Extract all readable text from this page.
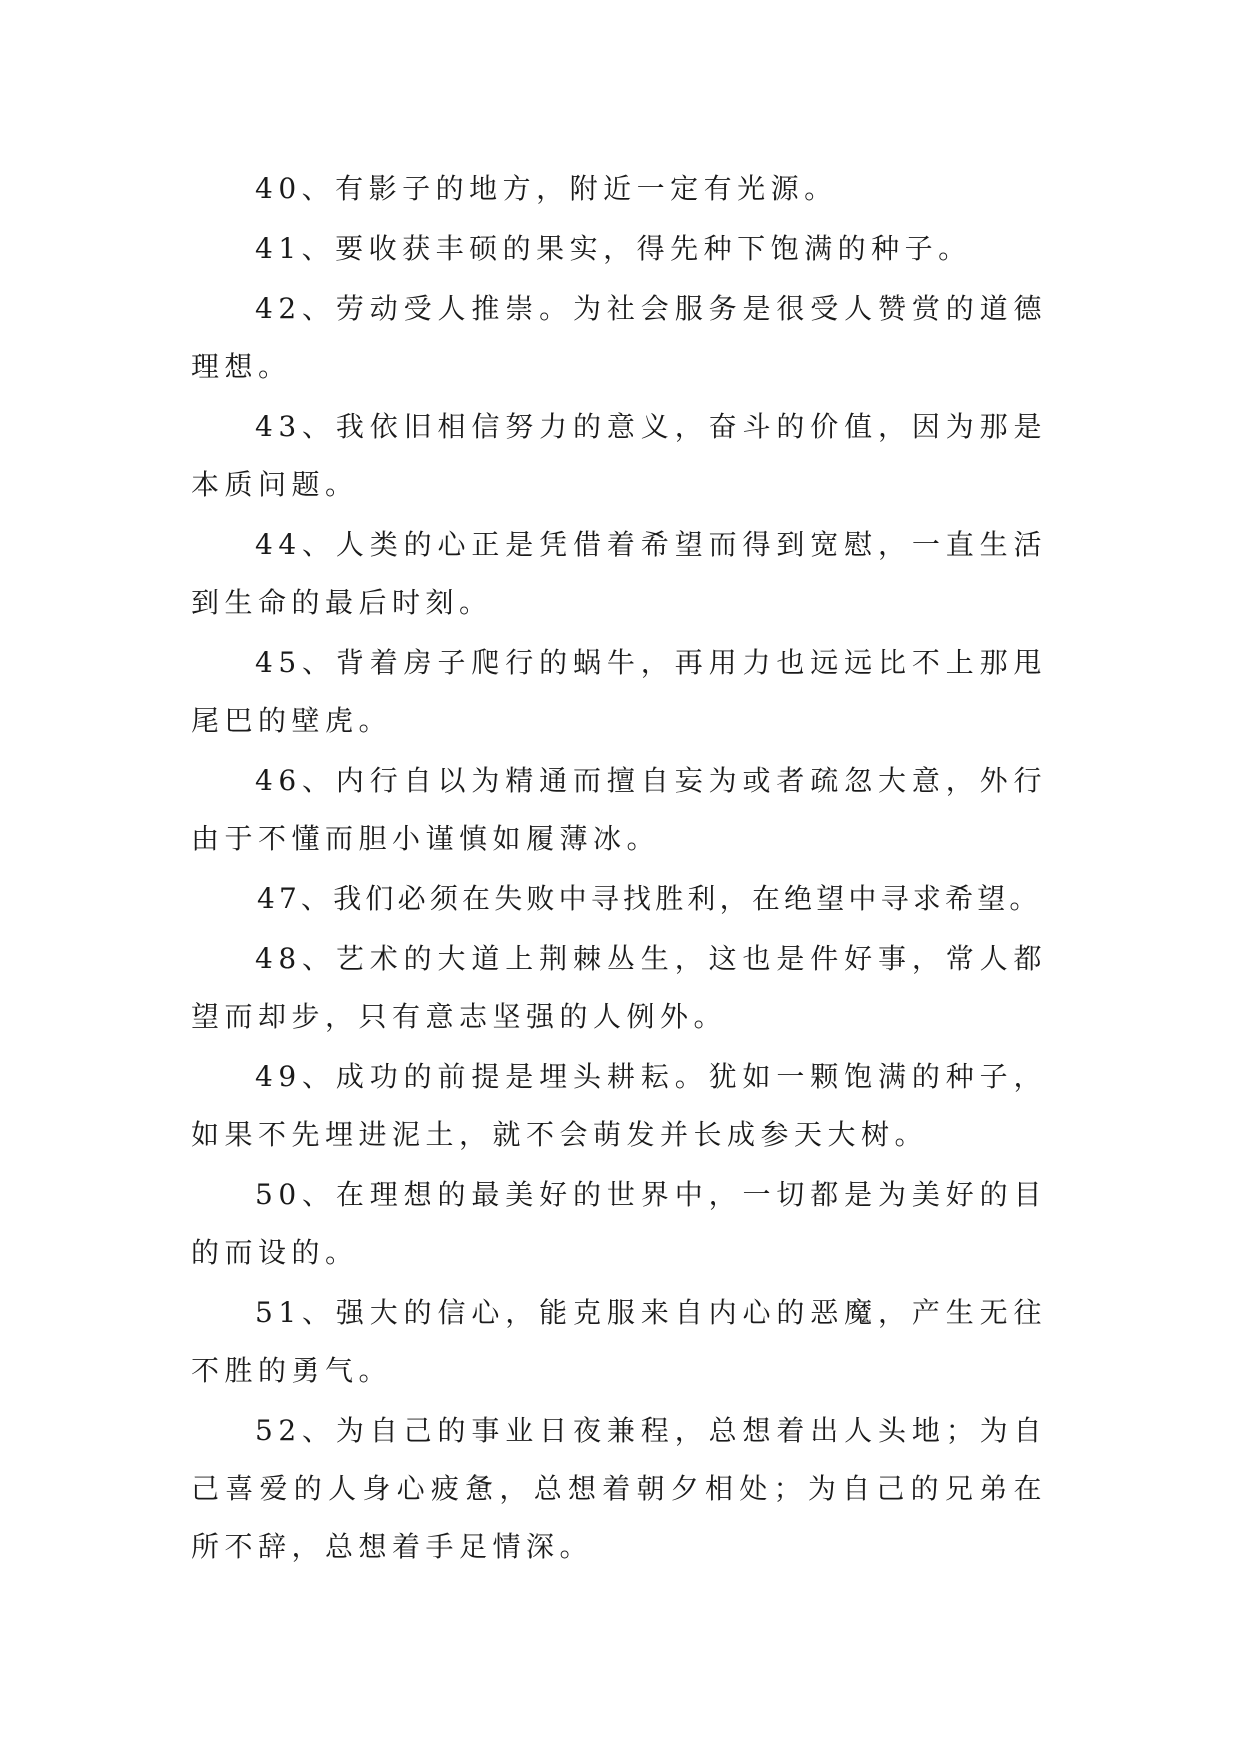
40、有影子的地方，附近一定有光源。

41、要收获丰硕的果实，得先种下饱满的种子。

42、劳动受人推崇。为社会服务是很受人赞赏的道德理想。

43、我依旧相信努力的意义，奋斗的价值，因为那是本质问题。

44、人类的心正是凭借着希望而得到宽慰，一直生活到生命的最后时刻。

45、背着房子爬行的蜗牛，再用力也远远比不上那甩尾巴的壁虎。

46、内行自以为精通而擅自妄为或者疏忽大意，外行由于不懂而胆小谨慎如履薄冰。

47、我们必须在失败中寻找胜利，在绝望中寻求希望。

48、艺术的大道上荆棘丛生，这也是件好事，常人都望而却步，只有意志坚强的人例外。

49、成功的前提是埋头耕耘。犹如一颗饱满的种子，如果不先埋进泥土，就不会萌发并长成参天大树。

50、在理想的最美好的世界中，一切都是为美好的目的而设的。

51、强大的信心，能克服来自内心的恶魔，产生无往不胜的勇气。

52、为自己的事业日夜兼程，总想着出人头地；为自己喜爱的人身心疲惫，总想着朝夕相处；为自己的兄弟在所不辞，总想着手足情深。
